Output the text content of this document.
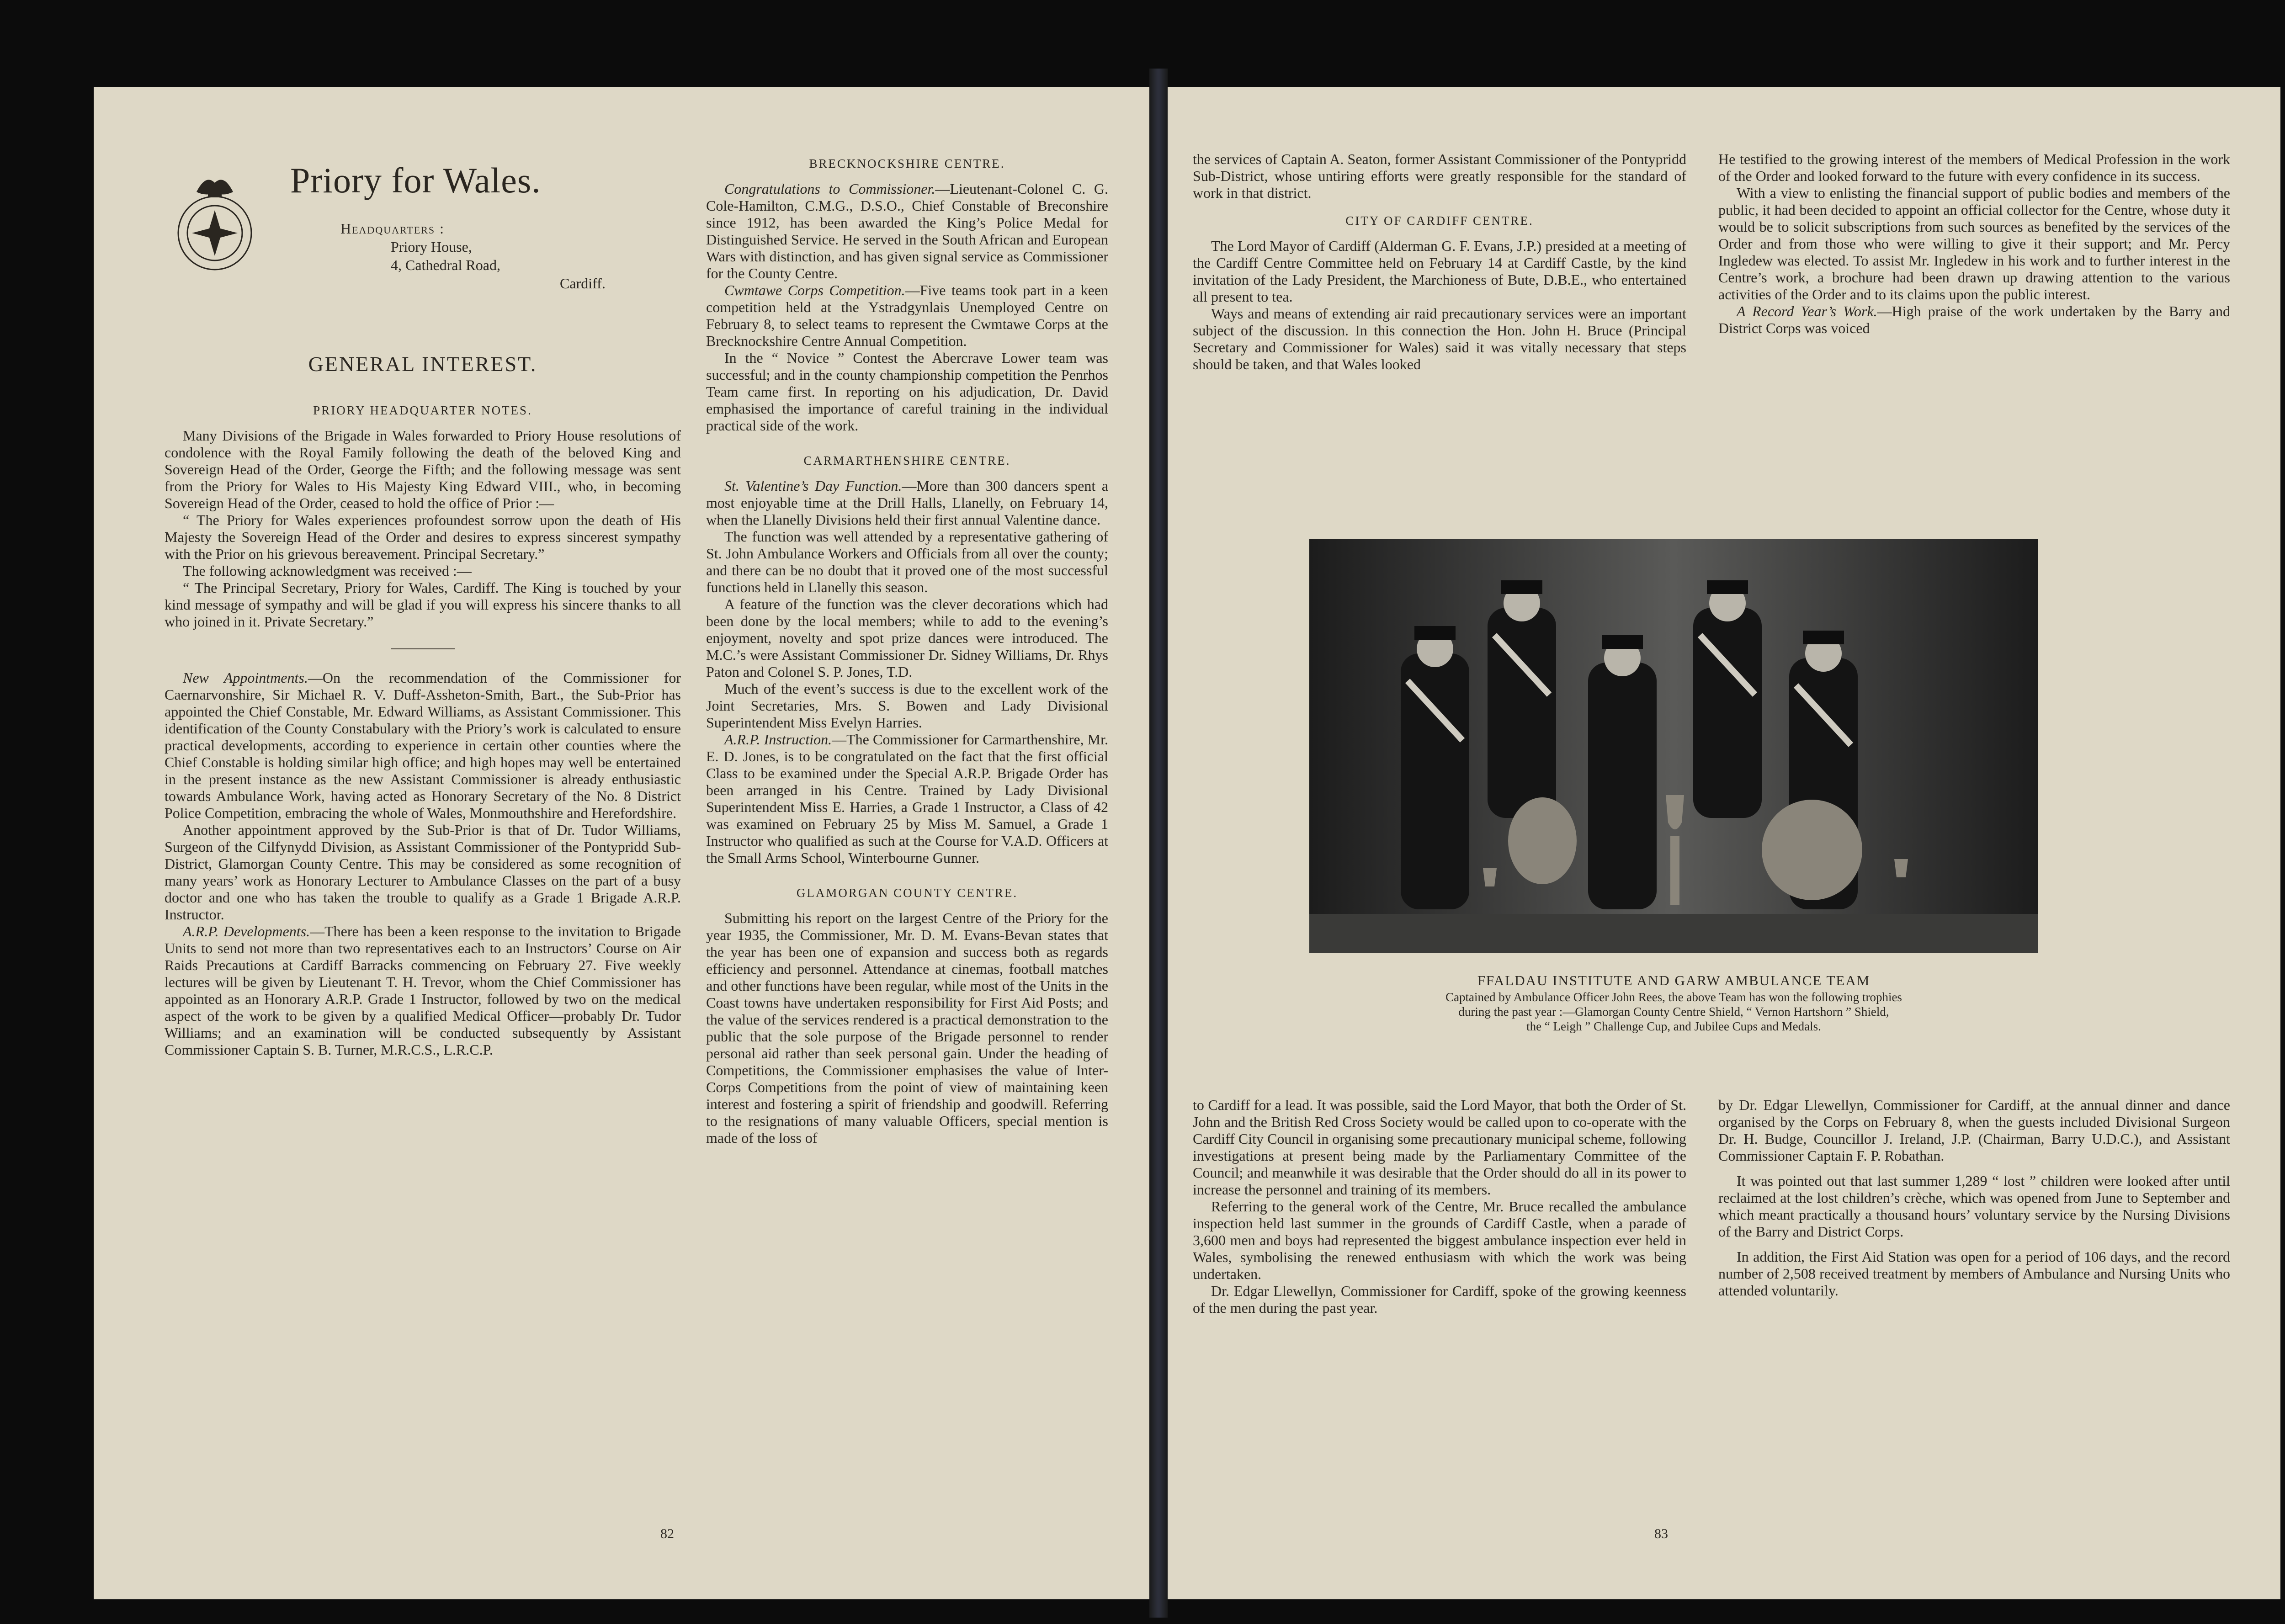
Priory for Wales.
Headquarters :
Priory House,
4, Cathedral Road,
Cardiff.
GENERAL INTEREST.
PRIORY HEADQUARTER NOTES.

Many Divisions of the Brigade in Wales forwarded to Priory House resolutions of condolence with the Royal Family following the death of the beloved King and Sovereign Head of the Order, George the Fifth; and the following message was sent from the Priory for Wales to His Majesty King Edward VIII., who, in becoming Sovereign Head of the Order, ceased to hold the office of Prior :—

“ The Priory for Wales experiences profoundest sorrow upon the death of His Majesty the Sovereign Head of the Order and desires to express sincerest sympathy with the Prior on his grievous bereavement. Principal Secretary.”

The following acknowledgment was received :—

“ The Principal Secretary, Priory for Wales, Cardiff. The King is touched by your kind message of sympathy and will be glad if you will express his sincere thanks to all who joined in it. Private Secretary.”

New Appointments.—On the recommendation of the Commissioner for Caernarvonshire, Sir Michael R. V. Duff-Assheton-Smith, Bart., the Sub-Prior has appointed the Chief Constable, Mr. Edward Williams, as Assistant Commissioner. This identification of the County Constabulary with the Priory’s work is calculated to ensure practical developments, according to experience in certain other counties where the Chief Constable is holding similar high office; and high hopes may well be entertained in the present instance as the new Assistant Commissioner is already enthusiastic towards Ambulance Work, having acted as Honorary Secretary of the No. 8 District Police Competition, embracing the whole of Wales, Monmouthshire and Herefordshire.

Another appointment approved by the Sub-Prior is that of Dr. Tudor Williams, Surgeon of the Cilfynydd Division, as Assistant Commissioner of the Pontypridd Sub-District, Glamorgan County Centre. This may be considered as some recognition of many years’ work as Honorary Lecturer to Ambulance Classes on the part of a busy doctor and one who has taken the trouble to qualify as a Grade 1 Brigade A.R.P. Instructor.

A.R.P. Developments.—There has been a keen response to the invitation to Brigade Units to send not more than two representatives each to an Instructors’ Course on Air Raids Precautions at Cardiff Barracks commencing on February 27. Five weekly lectures will be given by Lieutenant T. H. Trevor, whom the Chief Commissioner has appointed as an Honorary A.R.P. Grade 1 Instructor, followed by two on the medical aspect of the work to be given by a qualified Medical Officer—probably Dr. Tudor Williams; and an examination will be conducted subsequently by Assistant Commissioner Captain S. B. Turner, M.R.C.S., L.R.C.P.

BRECKNOCKSHIRE CENTRE.

Congratulations to Commissioner.—Lieutenant-Colonel C. G. Cole-Hamilton, C.M.G., D.S.O., Chief Constable of Breconshire since 1912, has been awarded the King’s Police Medal for Distinguished Service. He served in the South African and European Wars with distinction, and has given signal service as Commissioner for the County Centre.

Cwmtawe Corps Competition.—Five teams took part in a keen competition held at the Ystradgynlais Unemployed Centre on February 8, to select teams to represent the Cwmtawe Corps at the Brecknockshire Centre Annual Competition.

In the “ Novice ” Contest the Abercrave Lower team was successful; and in the county championship competition the Penrhos Team came first. In reporting on his adjudication, Dr. David emphasised the importance of careful training in the individual practical side of the work.

CARMARTHENSHIRE CENTRE.

St. Valentine’s Day Function.—More than 300 dancers spent a most enjoyable time at the Drill Halls, Llanelly, on February 14, when the Llanelly Divisions held their first annual Valentine dance.

The function was well attended by a representative gathering of St. John Ambulance Workers and Officials from all over the county; and there can be no doubt that it proved one of the most successful functions held in Llanelly this season.

A feature of the function was the clever decorations which had been done by the local members; while to add to the evening’s enjoyment, novelty and spot prize dances were introduced. The M.C.’s were Assistant Commissioner Dr. Sidney Williams, Dr. Rhys Paton and Colonel S. P. Jones, T.D.

Much of the event’s success is due to the excellent work of the Joint Secretaries, Mrs. S. Bowen and Lady Divisional Superintendent Miss Evelyn Harries.

A.R.P. Instruction.—The Commissioner for Carmarthenshire, Mr. E. D. Jones, is to be congratulated on the fact that the first official Class to be examined under the Special A.R.P. Brigade Order has been arranged in his Centre. Trained by Lady Divisional Superintendent Miss E. Harries, a Grade 1 Instructor, a Class of 42 was examined on February 25 by Miss M. Samuel, a Grade 1 Instructor who qualified as such at the Course for V.A.D. Officers at the Small Arms School, Winterbourne Gunner.

GLAMORGAN COUNTY CENTRE.

Submitting his report on the largest Centre of the Priory for the year 1935, the Commissioner, Mr. D. M. Evans-Bevan states that the year has been one of expansion and success both as regards efficiency and personnel. Attendance at cinemas, football matches and other functions have been regular, while most of the Units in the Coast towns have undertaken responsibility for First Aid Posts; and the value of the services rendered is a practical demonstration to the public that the sole purpose of the Brigade personnel to render personal aid rather than seek personal gain. Under the heading of Competitions, the Commissioner emphasises the value of Inter-Corps Competitions from the point of view of maintaining keen interest and fostering a spirit of friendship and goodwill. Referring to the resignations of many valuable Officers, special mention is made of the loss of

82

the services of Captain A. Seaton, former Assistant Commissioner of the Pontypridd Sub-District, whose untiring efforts were greatly responsible for the standard of work in that district.

CITY OF CARDIFF CENTRE.

The Lord Mayor of Cardiff (Alderman G. F. Evans, J.P.) presided at a meeting of the Cardiff Centre Committee held on February 14 at Cardiff Castle, by the kind invitation of the Lady President, the Marchioness of Bute, D.B.E., who entertained all present to tea.

Ways and means of extending air raid precautionary services were an important subject of the discussion. In this connection the Hon. John H. Bruce (Principal Secretary and Commissioner for Wales) said it was vitally necessary that steps should be taken, and that Wales looked

He testified to the growing interest of the members of Medical Profession in the work of the Order and looked forward to the future with every confidence in its success.

With a view to enlisting the financial support of public bodies and members of the public, it had been decided to appoint an official collector for the Centre, whose duty it would be to solicit subscriptions from such sources as benefited by the services of the Order and from those who were willing to give it their support; and Mr. Percy Ingledew was elected. To assist Mr. Ingledew in his work and to further interest in the Centre’s work, a brochure had been drawn up drawing attention to the various activities of the Order and to its claims upon the public interest.

A Record Year’s Work.—High praise of the work undertaken by the Barry and District Corps was voiced

to Cardiff for a lead. It was possible, said the Lord Mayor, that both the Order of St. John and the British Red Cross Society would be called upon to co-operate with the Cardiff City Council in organising some precautionary municipal scheme, following investigations at present being made by the Parliamentary Committee of the Council; and meanwhile it was desirable that the Order should do all in its power to increase the personnel and training of its members.

Referring to the general work of the Centre, Mr. Bruce recalled the ambulance inspection held last summer in the grounds of Cardiff Castle, when a parade of 3,600 men and boys had represented the biggest ambulance inspection ever held in Wales, symbolising the renewed enthusiasm with which the work was being undertaken.

Dr. Edgar Llewellyn, Commissioner for Cardiff, spoke of the growing keenness of the men during the past year.

by Dr. Edgar Llewellyn, Commissioner for Cardiff, at the annual dinner and dance organised by the Corps on February 8, when the guests included Divisional Surgeon Dr. H. Budge, Councillor J. Ireland, J.P. (Chairman, Barry U.D.C.), and Assistant Commissioner Captain F. P. Robathan.

It was pointed out that last summer 1,289 “ lost ” children were looked after until reclaimed at the lost children’s crèche, which was opened from June to September and which meant practically a thousand hours’ voluntary service by the Nursing Divisions of the Barry and District Corps.

In addition, the First Aid Station was open for a period of 106 days, and the record number of 2,508 received treatment by members of Ambulance and Nursing Units who attended voluntarily.

83
FFALDAU INSTITUTE AND GARW AMBULANCE TEAM
Captained by Ambulance Officer John Rees, the above Team has won the following trophies
during the past year :—Glamorgan County Centre Shield, “ Vernon Hartshorn ” Shield,
the “ Leigh ” Challenge Cup, and Jubilee Cups and Medals.
